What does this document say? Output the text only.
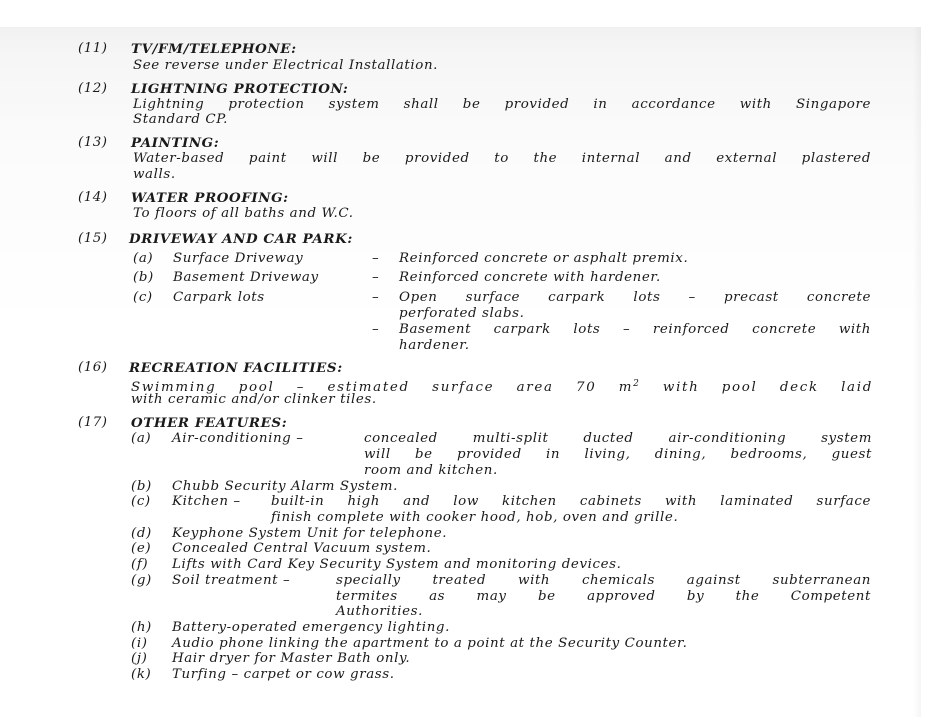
(11) TV/FM/TELEPHONE:
See reverse under Electrical Installation.
(12) LIGHTNING PROTECTION:
Lightning protection system shall be provided in accordance with Singapore
Standard CP.
(13) PAINTING:
Water-based paint will be provided to the internal and external plastered
walls.
(14) WATER PROOFING:
To floors of all baths and W.C.
(15) DRIVEWAY AND CAR PARK:
(a) Surface Driveway	– Reinforced concrete or asphalt premix.
(b) Basement Driveway	– Reinforced concrete with hardener.
(c) Carpark lots	– Open surface carpark lots – precast concrete
perforated slabs.
– Basement carpark lots – reinforced concrete with
hardener.
(16) RECREATION FACILITIES:
Swimming pool – estimated surface area 70 $m^2$ with pool deck laid
with ceramic and/or clinker tiles.
(17) OTHER FEATURES:
(a) Air-conditioning –	concealed multi-split ducted air-conditioning system
will be provided in living, dining, bedrooms, guest
room and kitchen.
(b) Chubb Security Alarm System.
(c) Kitchen – built-in high and low kitchen cabinets with laminated surface
finish complete with cooker hood, hob, oven and grille.
(d) Keyphone System Unit for telephone.
(e) Concealed Central Vacuum system.
(f) Lifts with Card Key Security System and monitoring devices.
(g) Soil treatment –	specially treated with chemicals against subterranean
termites as may be approved by the Competent
Authorities.
(h) Battery-operated emergency lighting.
(i) Audio phone linking the apartment to a point at the Security Counter.
(j) Hair dryer for Master Bath only.
(k) Turfing – carpet or cow grass.
